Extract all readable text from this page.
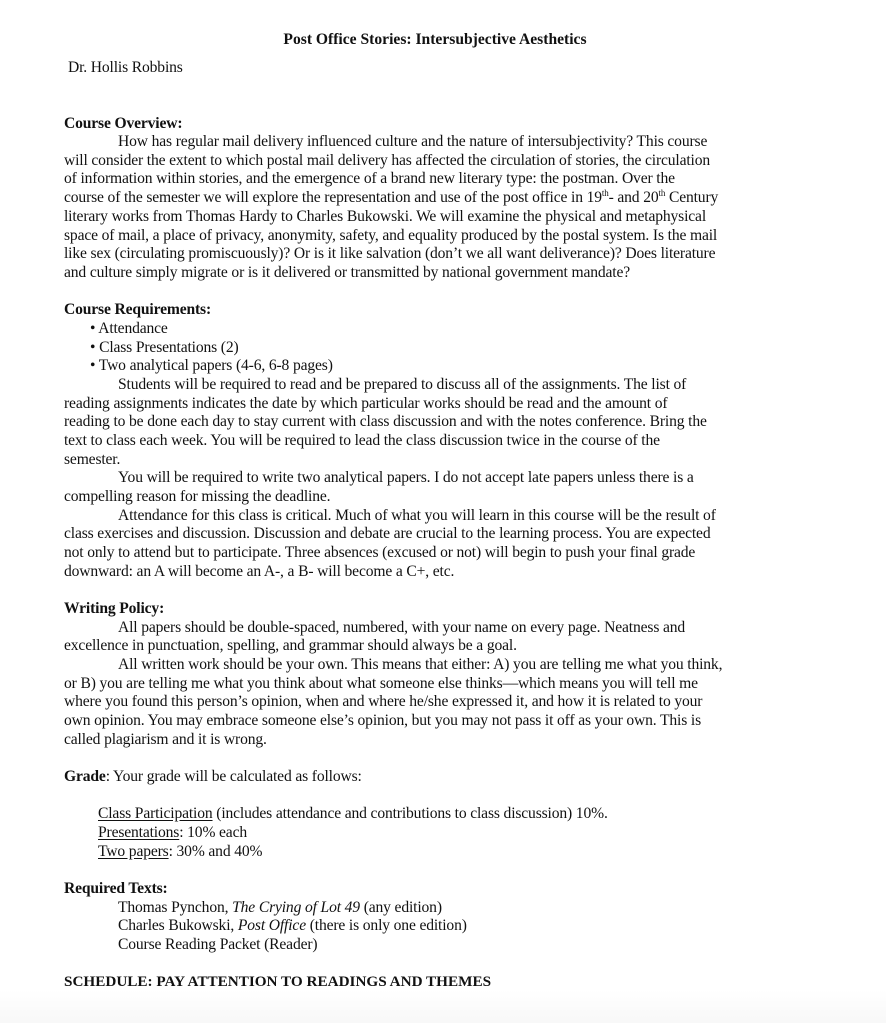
Post Office Stories: Intersubjective Aesthetics
Dr. Hollis Robbins
Course Overview:
How has regular mail delivery influenced culture and the nature of intersubjectivity? This course
will consider the extent to which postal mail delivery has affected the circulation of stories, the circulation
of information within stories, and the emergence of a brand new literary type: the postman. Over the
course of the semester we will explore the representation and use of the post office in 19th- and 20th Century
literary works from Thomas Hardy to Charles Bukowski. We will examine the physical and metaphysical
space of mail, a place of privacy, anonymity, safety, and equality produced by the postal system. Is the mail
like sex (circulating promiscuously)? Or is it like salvation (don’t we all want deliverance)? Does literature
and culture simply migrate or is it delivered or transmitted by national government mandate?
Course Requirements:
• Attendance
• Class Presentations (2)
• Two analytical papers (4-6, 6-8 pages)
Students will be required to read and be prepared to discuss all of the assignments. The list of
reading assignments indicates the date by which particular works should be read and the amount of
reading to be done each day to stay current with class discussion and with the notes conference. Bring the
text to class each week. You will be required to lead the class discussion twice in the course of the
semester.
You will be required to write two analytical papers. I do not accept late papers unless there is a
compelling reason for missing the deadline.
Attendance for this class is critical. Much of what you will learn in this course will be the result of
class exercises and discussion. Discussion and debate are crucial to the learning process. You are expected
not only to attend but to participate. Three absences (excused or not) will begin to push your final grade
downward: an A will become an A-, a B- will become a C+, etc.
Writing Policy:
All papers should be double-spaced, numbered, with your name on every page. Neatness and
excellence in punctuation, spelling, and grammar should always be a goal.
All written work should be your own. This means that either: A) you are telling me what you think,
or B) you are telling me what you think about what someone else thinks—which means you will tell me
where you found this person’s opinion, when and where he/she expressed it, and how it is related to your
own opinion. You may embrace someone else’s opinion, but you may not pass it off as your own. This is
called plagiarism and it is wrong.
Grade: Your grade will be calculated as follows:
Class Participation (includes attendance and contributions to class discussion) 10%.
Presentations: 10% each
Two papers: 30% and 40%
Required Texts:
Thomas Pynchon, The Crying of Lot 49 (any edition)
Charles Bukowski, Post Office (there is only one edition)
Course Reading Packet (Reader)
SCHEDULE: PAY ATTENTION TO READINGS AND THEMES
